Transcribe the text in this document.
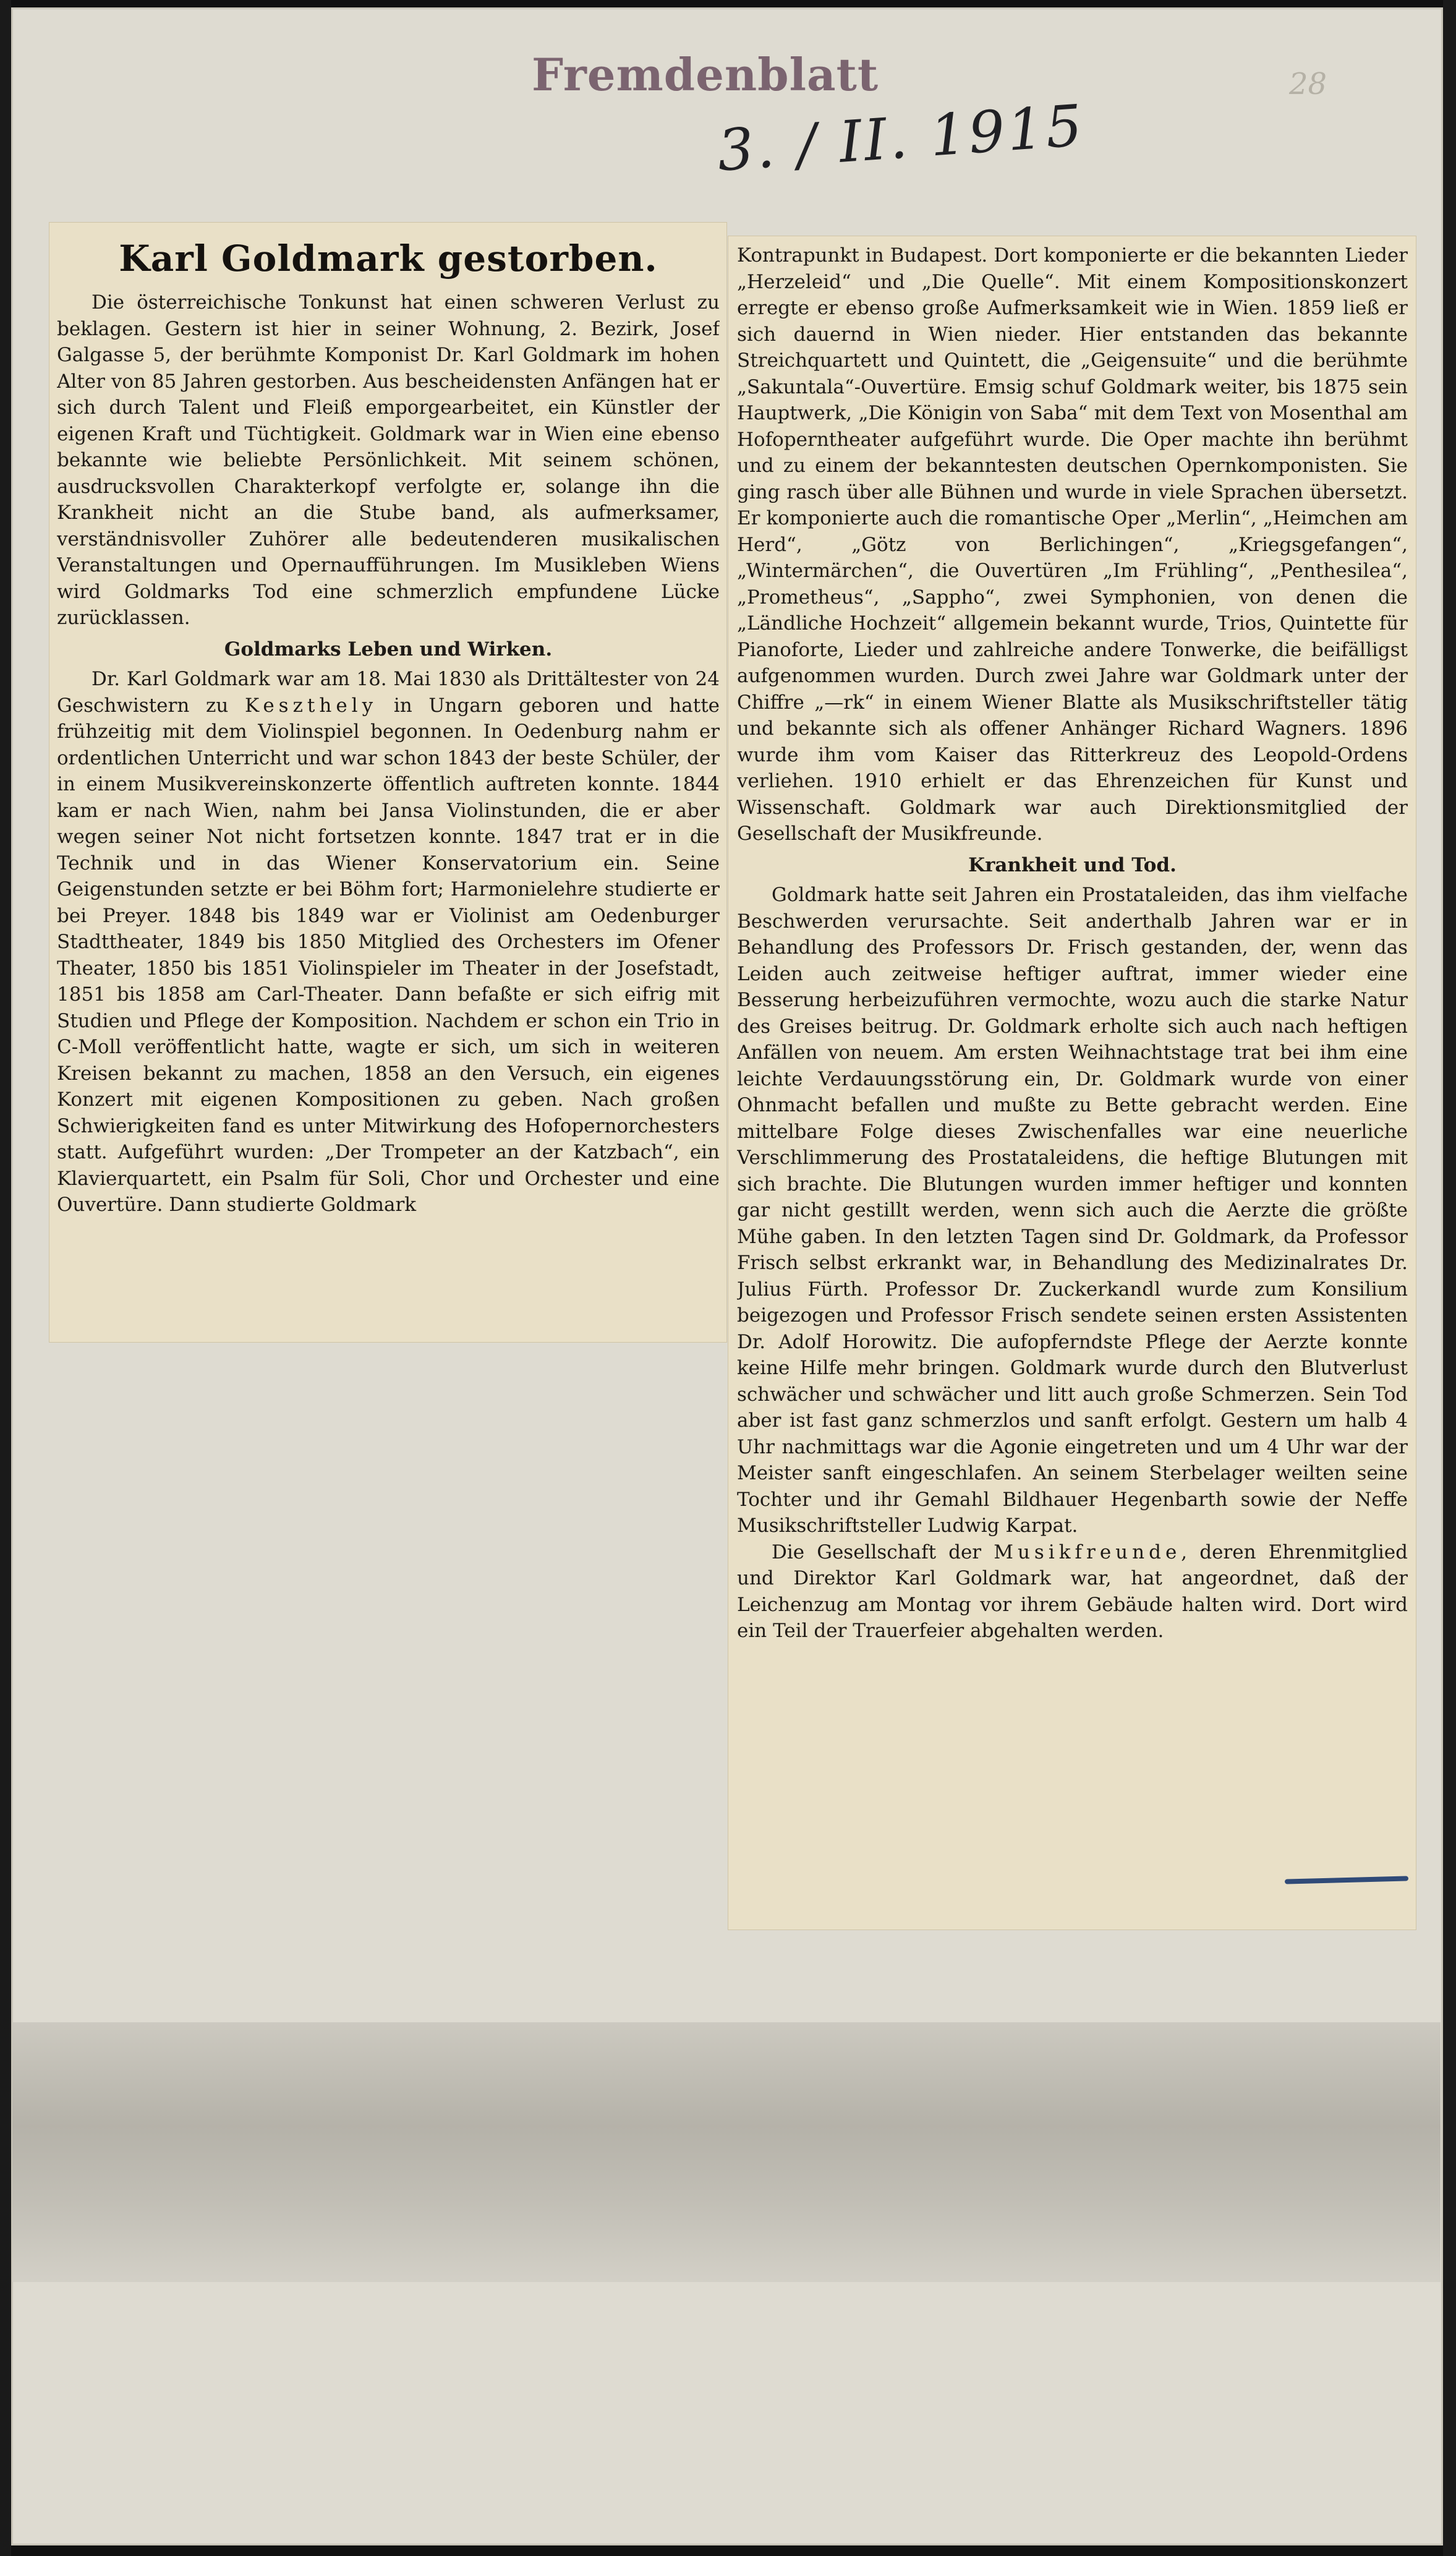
Fremdenblatt	28
3. / II. 1915
Karl Goldmark gestorben.

Die österreichische Tonkunst hat einen schweren Verlust zu beklagen. Gestern ist hier in seiner Wohnung, 2. Bezirk, Josef Galgasse 5, der berühmte Komponist Dr. Karl Goldmark im hohen Alter von 85 Jahren gestorben. Aus bescheidensten Anfängen hat er sich durch Talent und Fleiß emporgearbeitet, ein Künstler der eigenen Kraft und Tüchtigkeit. Goldmark war in Wien eine ebenso bekannte wie beliebte Persönlichkeit. Mit seinem schönen, ausdrucksvollen Charakterkopf verfolgte er, solange ihn die Krankheit nicht an die Stube band, als aufmerksamer, verständnisvoller Zuhörer alle bedeutenderen musikalischen Veranstaltungen und Opernaufführungen. Im Musikleben Wiens wird Goldmarks Tod eine schmerzlich empfundene Lücke zurücklassen.

Goldmarks Leben und Wirken.

Dr. Karl Goldmark war am 18. Mai 1830 als Drittältester von 24 Geschwistern zu Keszthely in Ungarn geboren und hatte frühzeitig mit dem Violinspiel begonnen. In Oedenburg nahm er ordentlichen Unterricht und war schon 1843 der beste Schüler, der in einem Musikvereinskonzerte öffentlich auftreten konnte. 1844 kam er nach Wien, nahm bei Jansa Violinstunden, die er aber wegen seiner Not nicht fortsetzen konnte. 1847 trat er in die Technik und in das Wiener Konservatorium ein. Seine Geigenstunden setzte er bei Böhm fort; Harmonielehre studierte er bei Preyer. 1848 bis 1849 war er Violinist am Oedenburger Stadttheater, 1849 bis 1850 Mitglied des Orchesters im Ofener Theater, 1850 bis 1851 Violinspieler im Theater in der Josefstadt, 1851 bis 1858 am Carl-Theater. Dann befaßte er sich eifrig mit Studien und Pflege der Komposition. Nachdem er schon ein Trio in C-Moll veröffentlicht hatte, wagte er sich, um sich in weiteren Kreisen bekannt zu machen, 1858 an den Versuch, ein eigenes Konzert mit eigenen Kompositionen zu geben. Nach großen Schwierigkeiten fand es unter Mitwirkung des Hofopernorchesters statt. Aufgeführt wurden: „Der Trompeter an der Katzbach“, ein Klavierquartett, ein Psalm für Soli, Chor und Orchester und eine Ouvertüre. Dann studierte Goldmark

Kontrapunkt in Budapest. Dort komponierte er die bekannten Lieder „Herzeleid“ und „Die Quelle“. Mit einem Kompositionskonzert erregte er ebenso große Aufmerksamkeit wie in Wien. 1859 ließ er sich dauernd in Wien nieder. Hier entstanden das bekannte Streichquartett und Quintett, die „Geigensuite“ und die berühmte „Sakuntala“-Ouvertüre. Emsig schuf Goldmark weiter, bis 1875 sein Hauptwerk, „Die Königin von Saba“ mit dem Text von Mosenthal am Hofoperntheater aufgeführt wurde. Die Oper machte ihn berühmt und zu einem der bekanntesten deutschen Opernkomponisten. Sie ging rasch über alle Bühnen und wurde in viele Sprachen übersetzt. Er komponierte auch die romantische Oper „Merlin“, „Heimchen am Herd“, „Götz von Berlichingen“, „Kriegsgefangen“, „Wintermärchen“, die Ouvertüren „Im Frühling“, „Penthesilea“, „Prometheus“, „Sappho“, zwei Symphonien, von denen die „Ländliche Hochzeit“ allgemein bekannt wurde, Trios, Quintette für Pianoforte, Lieder und zahlreiche andere Tonwerke, die beifälligst aufgenommen wurden. Durch zwei Jahre war Goldmark unter der Chiffre „—rk“ in einem Wiener Blatte als Musikschriftsteller tätig und bekannte sich als offener Anhänger Richard Wagners. 1896 wurde ihm vom Kaiser das Ritterkreuz des Leopold-Ordens verliehen. 1910 erhielt er das Ehrenzeichen für Kunst und Wissenschaft. Goldmark war auch Direktionsmitglied der Gesellschaft der Musikfreunde.

Krankheit und Tod.

Goldmark hatte seit Jahren ein Prostataleiden, das ihm vielfache Beschwerden verursachte. Seit anderthalb Jahren war er in Behandlung des Professors Dr. Frisch gestanden, der, wenn das Leiden auch zeitweise heftiger auftrat, immer wieder eine Besserung herbeizuführen vermochte, wozu auch die starke Natur des Greises beitrug. Dr. Goldmark erholte sich auch nach heftigen Anfällen von neuem. Am ersten Weihnachtstage trat bei ihm eine leichte Verdauungsstörung ein, Dr. Goldmark wurde von einer Ohnmacht befallen und mußte zu Bette gebracht werden. Eine mittelbare Folge dieses Zwischenfalles war eine neuerliche Verschlimmerung des Prostataleidens, die heftige Blutungen mit sich brachte. Die Blutungen wurden immer heftiger und konnten gar nicht gestillt werden, wenn sich auch die Aerzte die größte Mühe gaben. In den letzten Tagen sind Dr. Goldmark, da Professor Frisch selbst erkrankt war, in Behandlung des Medizinalrates Dr. Julius Fürth. Professor Dr. Zuckerkandl wurde zum Konsilium beigezogen und Professor Frisch sendete seinen ersten Assistenten Dr. Adolf Horowitz. Die aufopferndste Pflege der Aerzte konnte keine Hilfe mehr bringen. Goldmark wurde durch den Blutverlust schwächer und schwächer und litt auch große Schmerzen. Sein Tod aber ist fast ganz schmerzlos und sanft erfolgt. Gestern um halb 4 Uhr nachmittags war die Agonie eingetreten und um 4 Uhr war der Meister sanft eingeschlafen. An seinem Sterbelager weilten seine Tochter und ihr Gemahl Bildhauer Hegenbarth sowie der Neffe Musikschriftsteller Ludwig Karpat.

Die Gesellschaft der Musikfreunde, deren Ehrenmitglied und Direktor Karl Goldmark war, hat angeordnet, daß der Leichenzug am Montag vor ihrem Gebäude halten wird. Dort wird ein Teil der Trauerfeier abgehalten werden.
